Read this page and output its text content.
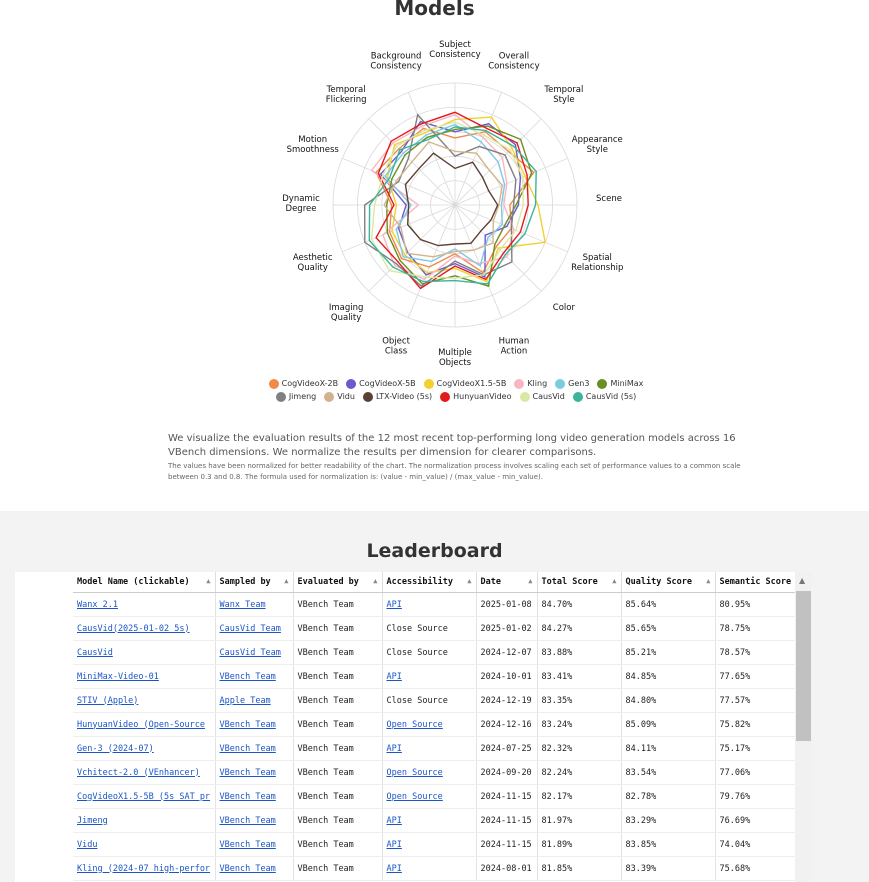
Models
Subject Consistency	Overall Consistency
Temporal Style
Appearance Style
Scene
Spatial Relationship
Color
Human Action
Multiple Objects
Object Class
Imaging Quality
Aesthetic Quality
Dynamic Degree
Motion Smoothness
Temporal Flickering
Background Consistency
CogVideoX-2B	CogVideoX-5B	CogVideoX1.5-5B	Kling	Gen3	MiniMax
Jimeng	Vidu	LTX-Video (5s)	HunyuanVideo	CausVid	CausVid (5s)
We visualize the evaluation results of the 12 most recent top-performing long video generation models across 16 VBench dimensions. We normalize the results per dimension for clearer comparisons.
The values have been normalized for better readability of the chart. The normalization process involves scaling each set of performance values to a common scale between 0.3 and 0.8. The formula used for normalization is: (value - min_value) / (max_value - min_value).
Leaderboard
Model Name (clickable) ▲	Sampled by ▲	Evaluated by ▲	Accessibility ▲	Date ▲	Total Score ▲	Quality Score ▲	Semantic Score
Wanx 2.1	Wanx Team	VBench Team	API	2025-01-08	84.70%	85.64%	80.95%
CausVid(2025-01-02 5s)	CausVid Team	VBench Team	Close Source	2025-01-02	84.27%	85.65%	78.75%
CausVid	CausVid Team	VBench Team	Close Source	2024-12-07	83.88%	85.21%	78.57%
MiniMax-Video-01	VBench Team	VBench Team	API	2024-10-01	83.41%	84.85%	77.65%
STIV (Apple)	Apple Team	VBench Team	Close Source	2024-12-19	83.35%	84.80%	77.57%
HunyuanVideo (Open-Source	VBench Team	VBench Team	Open Source	2024-12-16	83.24%	85.09%	75.82%
Gen-3 (2024-07)	VBench Team	VBench Team	API	2024-07-25	82.32%	84.11%	75.17%
Vchitect-2.0 (VEnhancer)	VBench Team	VBench Team	Open Source	2024-09-20	82.24%	83.54%	77.06%
CogVideoX1.5-5B (5s SAT pr	VBench Team	VBench Team	Open Source	2024-11-15	82.17%	82.78%	79.76%
Jimeng	VBench Team	VBench Team	API	2024-11-15	81.97%	83.29%	76.69%
Vidu	VBench Team	VBench Team	API	2024-11-15	81.89%	83.85%	74.04%
Kling (2024-07 high-perfor	VBench Team	VBench Team	API	2024-08-01	81.85%	83.39%	75.68%
▲
